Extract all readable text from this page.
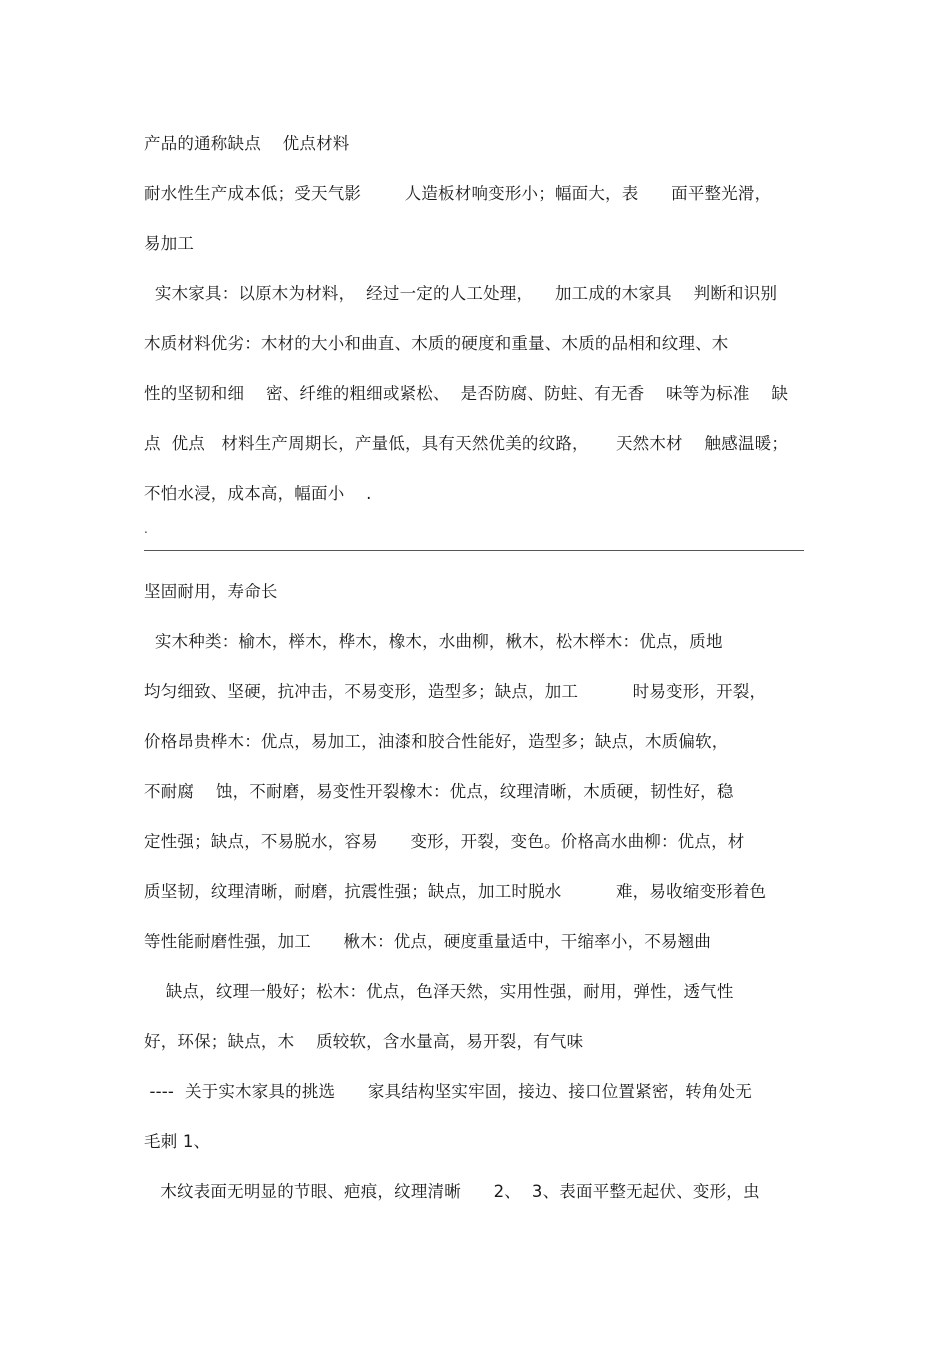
产品的通称缺点    优点材料
耐水性生产成本低；受天气影        人造板材响变形小；幅面大，表      面平整光滑，
易加工
实木家具：以原木为材料，  经过一定的人工处理，    加工成的木家具    判断和识别
木质材料优劣：木材的大小和曲直、木质的硬度和重量、木质的品相和纹理、木
性的坚韧和细    密、纤维的粗细或紧松、  是否防腐、防蛀、有无香    味等为标准    缺
点  优点   材料生产周期长，产量低，具有天然优美的纹路，     天然木材    触感温暖；
不怕水浸，成本高，幅面小    .
.
坚固耐用，寿命长
实木种类：榆木，榉木，桦木，橡木，水曲柳，楸木，松木榉木：优点，质地
均匀细致、坚硬，抗冲击，不易变形，造型多；缺点，加工          时易变形，开裂，
价格昂贵桦木：优点，易加工，油漆和胶合性能好，造型多；缺点，木质偏软，
不耐腐    蚀，不耐磨，易变性开裂橡木：优点，纹理清晰，木质硬，韧性好，稳
定性强；缺点，不易脱水，容易      变形，开裂，变色。价格高水曲柳：优点，材
质坚韧，纹理清晰，耐磨，抗震性强；缺点，加工时脱水          难，易收缩变形着色
等性能耐磨性强，加工      楸木：优点，硬度重量适中，干缩率小，不易翘曲
缺点，纹理一般好；松木：优点，色泽天然，实用性强，耐用，弹性，透气性
好，环保；缺点，木    质较软，含水量高，易开裂，有气味
----  关于实木家具的挑选      家具结构坚实牢固，接边、接口位置紧密，转角处无
毛刺 1、
木纹表面无明显的节眼、疤痕，纹理清晰      2、  3、表面平整无起伏、变形，虫
